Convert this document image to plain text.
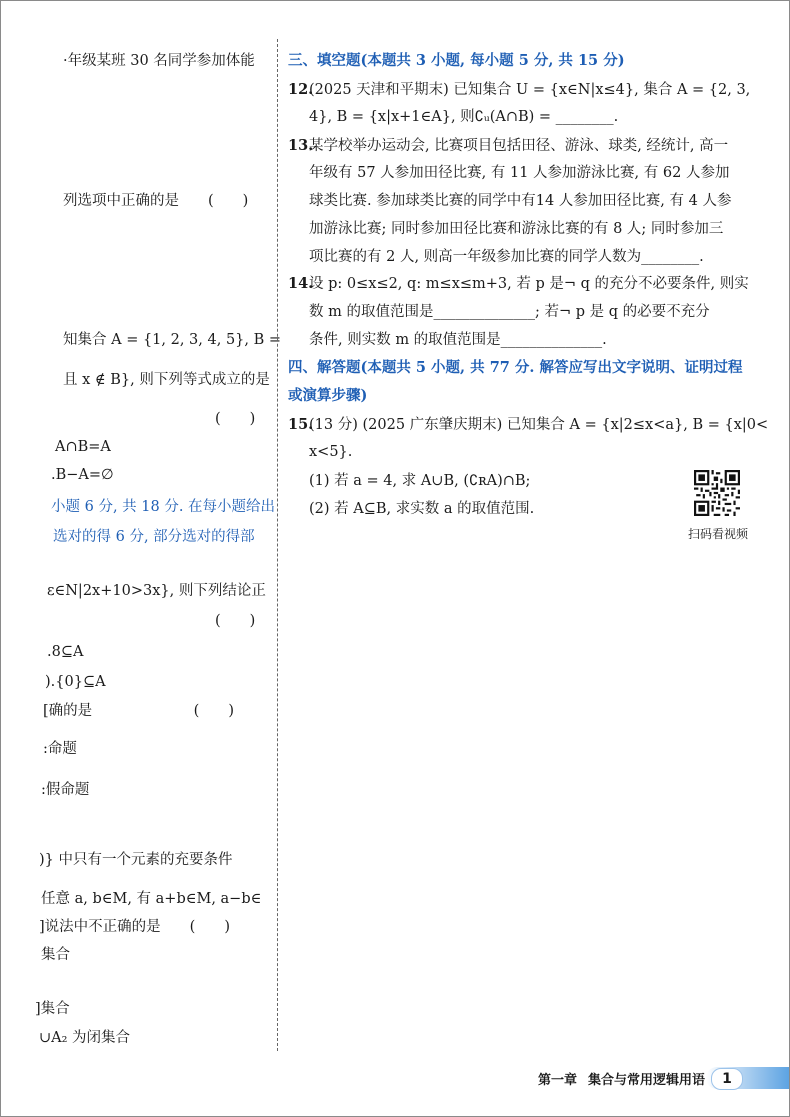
·年级某班 30 名同学参加体能
列选项中正确的是　　(　　)
知集合 A = {1, 2, 3, 4, 5}, B =
且 x ∉ B}, 则下列等式成立的是
(　　)
A∩B=A
.B−A=∅
小题 6 分, 共 18 分. 在每小题给出
选对的得 6 分, 部分选对的得部
ε∈N|2x+10>3x}, 则下列结论正
(　　)
.8⊆A
).{0}⊆A
[确的是　　　　　　　(　　)
:命题
:假命题
)} 中只有一个元素的充要条件
任意 a, b∈M, 有 a+b∈M, a−b∈
]说法中不正确的是　　(　　)
集合
]集合
∪A₂ 为闭集合
三、填空题(本题共 3 小题, 每小题 5 分, 共 15 分)
12.
(2025 天津和平期末) 已知集合 U = {x∈N|x≤4}, 集合 A = {2, 3,
4}, B = {x|x+1∈A}, 则∁ᵤ(A∩B) = ________.
13.
某学校举办运动会, 比赛项目包括田径、游泳、球类, 经统计, 高一
年级有 57 人参加田径比赛, 有 11 人参加游泳比赛, 有 62 人参加
球类比赛. 参加球类比赛的同学中有14 人参加田径比赛, 有 4 人参
加游泳比赛; 同时参加田径比赛和游泳比赛的有 8 人; 同时参加三
项比赛的有 2 人, 则高一年级参加比赛的同学人数为________.
14.
设 p: 0≤x≤2, q: m≤x≤m+3, 若 p 是¬ q 的充分不必要条件, 则实
数 m 的取值范围是______________; 若¬ p 是 q 的必要不充分
条件, 则实数 m 的取值范围是______________.
四、解答题(本题共 5 小题, 共 77 分. 解答应写出文字说明、证明过程
或演算步骤)
15.
(13 分) (2025 广东肇庆期末) 已知集合 A = {x|2≤x<a}, B = {x|0<
x<5}.
(1) 若 a = 4, 求 A∪B, (∁ʀA)∩B;
(2) 若 A⊆B, 求实数 a 的取值范围.
扫码看视频
第一章 集合与常用逻辑用语	1
